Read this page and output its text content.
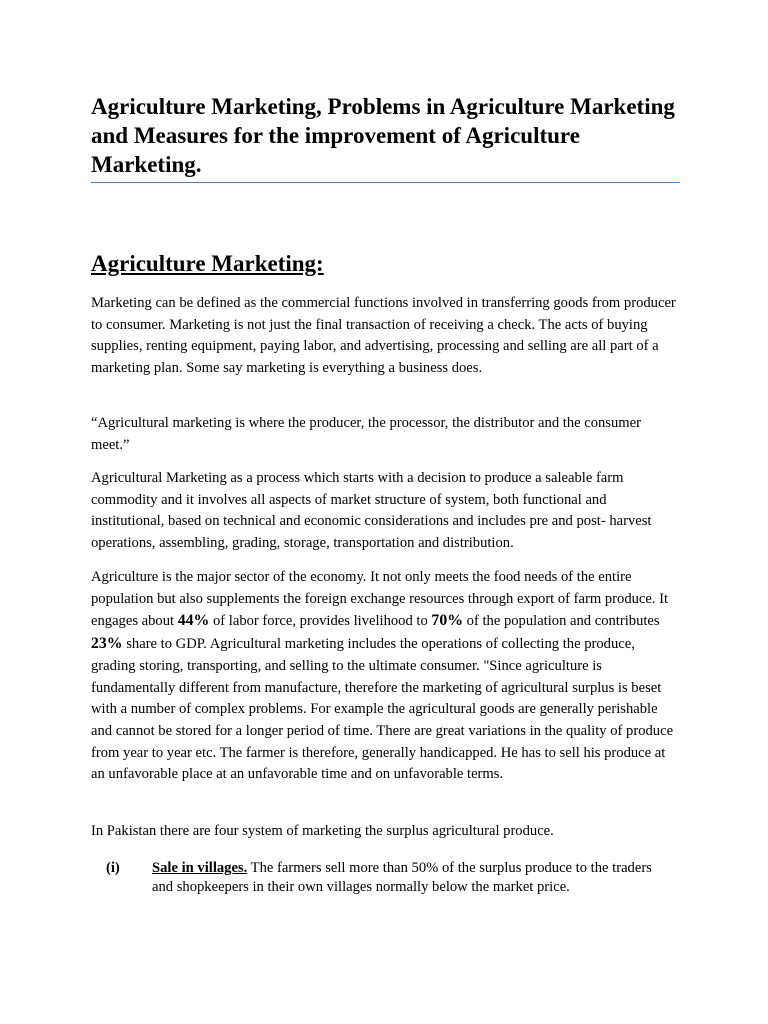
Agriculture Marketing, Problems in Agriculture Marketing and Measures for the improvement of Agriculture Marketing.
Agriculture Marketing:

Marketing can be defined as the commercial functions involved in transferring goods from producer to consumer. Marketing is not just the final transaction of receiving a check. The acts of buying supplies, renting equipment, paying labor, and advertising, processing and selling are all part of a marketing plan. Some say marketing is everything a business does.

“Agricultural marketing is where the producer, the processor, the distributor and the consumer meet.”

Agricultural Marketing as a process which starts with a decision to produce a saleable farm commodity and it involves all aspects of market structure of system, both functional and institutional, based on technical and economic considerations and includes pre and post- harvest operations, assembling, grading, storage, transportation and distribution.

Agriculture is the major sector of the economy. It not only meets the food needs of the entire population but also supplements the foreign exchange resources through export of farm produce. It engages about 44% of labor force, provides livelihood to 70% of the population and contributes 23% share to GDP. Agricultural marketing includes the operations of collecting the produce, grading storing, transporting, and selling to the ultimate consumer. "Since agriculture is fundamentally different from manufacture, therefore the marketing of agricultural surplus is beset with a number of complex problems. For example the agricultural goods are generally perishable and cannot be stored for a longer period of time. There are great variations in the quality of produce from year to year etc. The farmer is therefore, generally handicapped. He has to sell his produce at an unfavorable place at an unfavorable time and on unfavorable terms.

In Pakistan there are four system of marketing the surplus agricultural produce.

(i) Sale in villages. The farmers sell more than 50% of the surplus produce to the traders and shopkeepers in their own villages normally below the market price.
